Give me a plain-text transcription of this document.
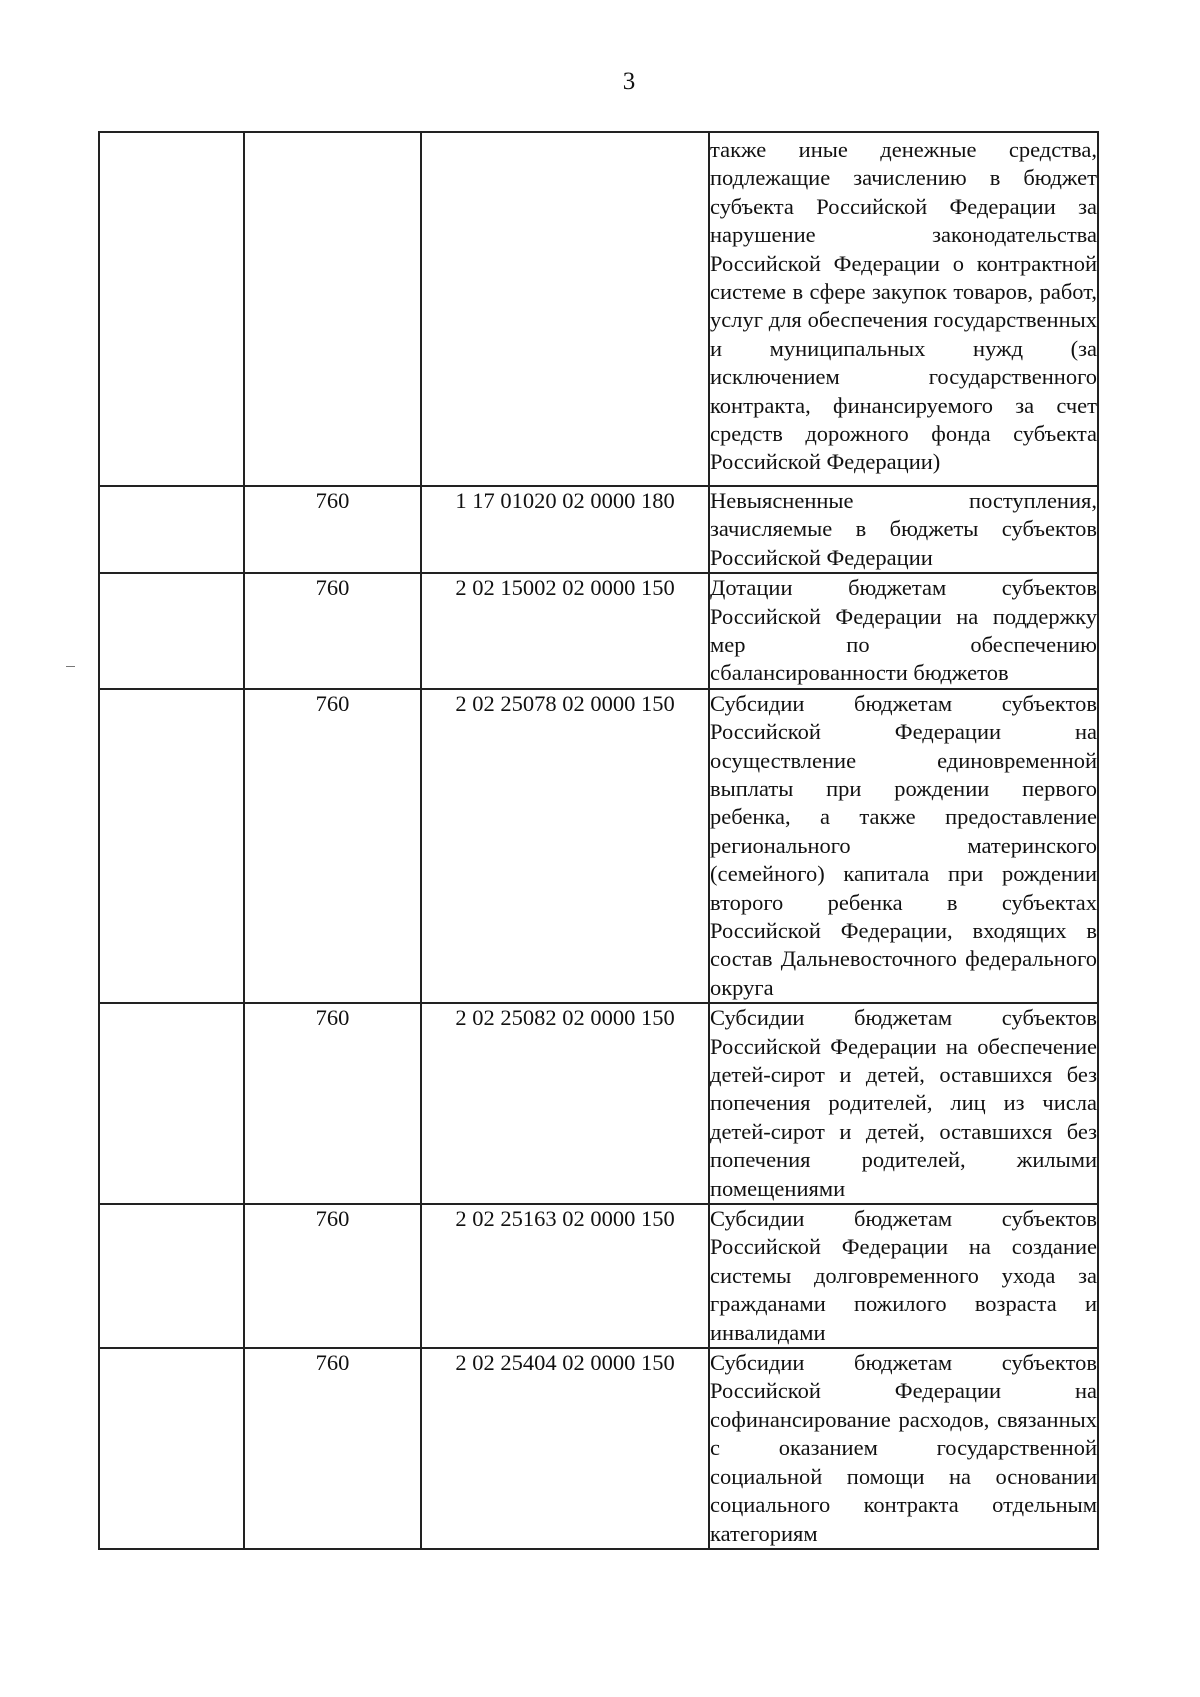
3
			также иные денежные средства, подлежащие зачислению в бюджет субъекта Российской Федерации за нарушение законодательства Российской Федерации о контрактной системе в сфере закупок товаров, работ, услуг для обеспечения государственных и муниципальных нужд (за исключением государственного контракта, финансируемого за счет средств дорожного фонда субъекта Российской Федерации)
	760	1 17 01020 02 0000 180	Невыясненные поступления, зачисляемые в бюджеты субъектов Российской Федерации
	760	2 02 15002 02 0000 150	Дотации бюджетам субъектов Российской Федерации на поддержку мер по обеспечению сбалансированности бюджетов
	760	2 02 25078 02 0000 150	Субсидии бюджетам субъектов Российской Федерации на осуществление единовременной выплаты при рождении первого ребенка, а также предоставление регионального материнского (семейного) капитала при рождении второго ребенка в субъектах Российской Федерации, входящих в состав Дальневосточного федерального округа
	760	2 02 25082 02 0000 150	Субсидии бюджетам субъектов Российской Федерации на обеспечение детей-сирот и детей, оставшихся без попечения родителей, лиц из числа детей-сирот и детей, оставшихся без попечения родителей, жилыми помещениями
	760	2 02 25163 02 0000 150	Субсидии бюджетам субъектов Российской Федерации на создание системы долговременного ухода за гражданами пожилого возраста и инвалидами
	760	2 02 25404 02 0000 150	Субсидии бюджетам субъектов Российской Федерации на софинансирование расходов, связанных с оказанием государственной социальной помощи на основании социального контракта отдельным категориям
